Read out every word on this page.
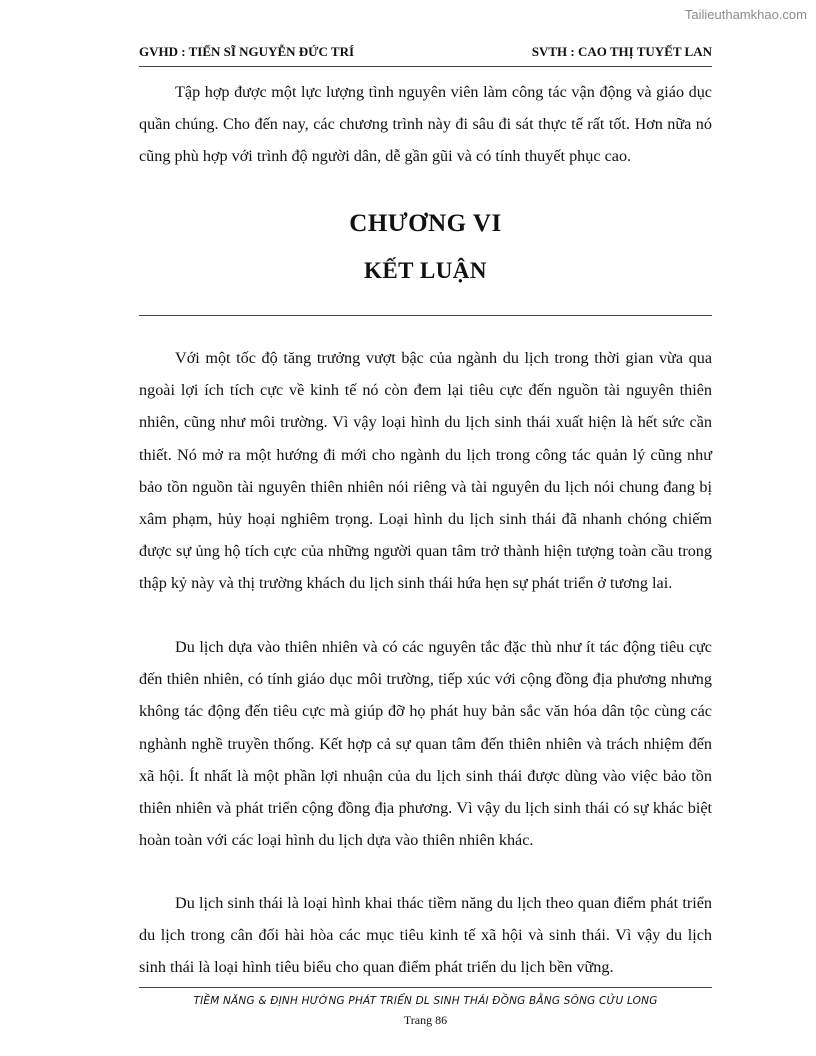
Tailieuthamkhao.com
GVHD : TIẾN SĨ NGUYỄN ĐỨC TRÍ	SVTH : CAO THỊ TUYẾT LAN

Tập hợp được một lực lượng tình nguyên viên làm công tác vận động và giáo dục quần chúng. Cho đến nay, các chương trình này đi sâu đi sát thực tế rất tốt. Hơn nữa nó cũng phù hợp với trình độ người dân, dễ gần gũi và có tính thuyết phục cao.

CHƯƠNG VI
KẾT LUẬN

Với một tốc độ tăng trưởng vượt bậc của ngành du lịch trong thời gian vừa qua ngoài lợi ích tích cực về kinh tế nó còn đem lại tiêu cực đến nguồn tài nguyên thiên nhiên, cũng như môi trường. Vì vậy loại hình du lịch sinh thái xuất hiện là hết sức cần thiết. Nó mở ra một hướng đi mới cho ngành du lịch trong công tác quản lý cũng như bảo tồn nguồn tài nguyên thiên nhiên nói riêng và tài nguyên du lịch nói chung đang bị xâm phạm, hủy hoại nghiêm trọng. Loại hình du lịch sinh thái đã nhanh chóng chiếm được sự ủng hộ tích cực của những người quan tâm trở thành hiện tượng toàn cầu trong thập kỷ này và thị trường khách du lịch sinh thái hứa hẹn sự phát triển ở tương lai.

Du lịch dựa vào thiên nhiên và có các nguyên tắc đặc thù như ít tác động tiêu cực đến thiên nhiên, có tính giáo dục môi trường, tiếp xúc với cộng đồng địa phương nhưng không tác động đến tiêu cực mà giúp đỡ họ phát huy bản sắc văn hóa dân tộc cùng các nghành nghề truyền thống. Kết hợp cả sự quan tâm đến thiên nhiên và trách nhiệm đến xã hội. Ít nhất là một phần lợi nhuận của du lịch sinh thái được dùng vào việc bảo tồn thiên nhiên và phát triển cộng đồng địa phương. Vì vậy du lịch sinh thái có sự khác biệt hoàn toàn với các loại hình du lịch dựa vào thiên nhiên khác.

Du lịch sinh thái là loại hình khai thác tiềm năng du lịch theo quan điểm phát triển du lịch trong cân đối hài hòa các mục tiêu kinh tế xã hội và sinh thái. Vì vậy du lịch sinh thái là loại hình tiêu biểu cho quan điểm phát triển du lịch bền vững.

TIỀM NĂNG & ĐỊNH HƯỚNG PHÁT TRIỂN DL SINH THÁI ĐỒNG BẰNG SÔNG CỬU LONG
Trang 86
